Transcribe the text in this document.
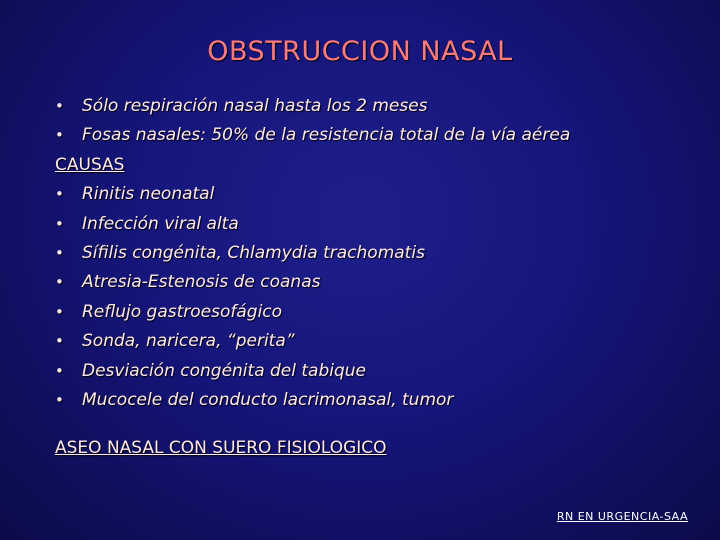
OBSTRUCCION NASAL
• Sólo respiración nasal hasta los 2 meses
• Fosas nasales: 50% de la resistencia total de la vía aérea
CAUSAS
• Rinitis neonatal
• Infección viral alta
• Sífilis congénita, Chlamydia trachomatis
• Atresia-Estenosis de coanas
• Reflujo gastroesofágico
• Sonda, naricera, “perita”
• Desviación congénita del tabique
• Mucocele del conducto lacrimonasal, tumor
ASEO NASAL CON SUERO FISIOLOGICO
RN EN URGENCIA-SAA
